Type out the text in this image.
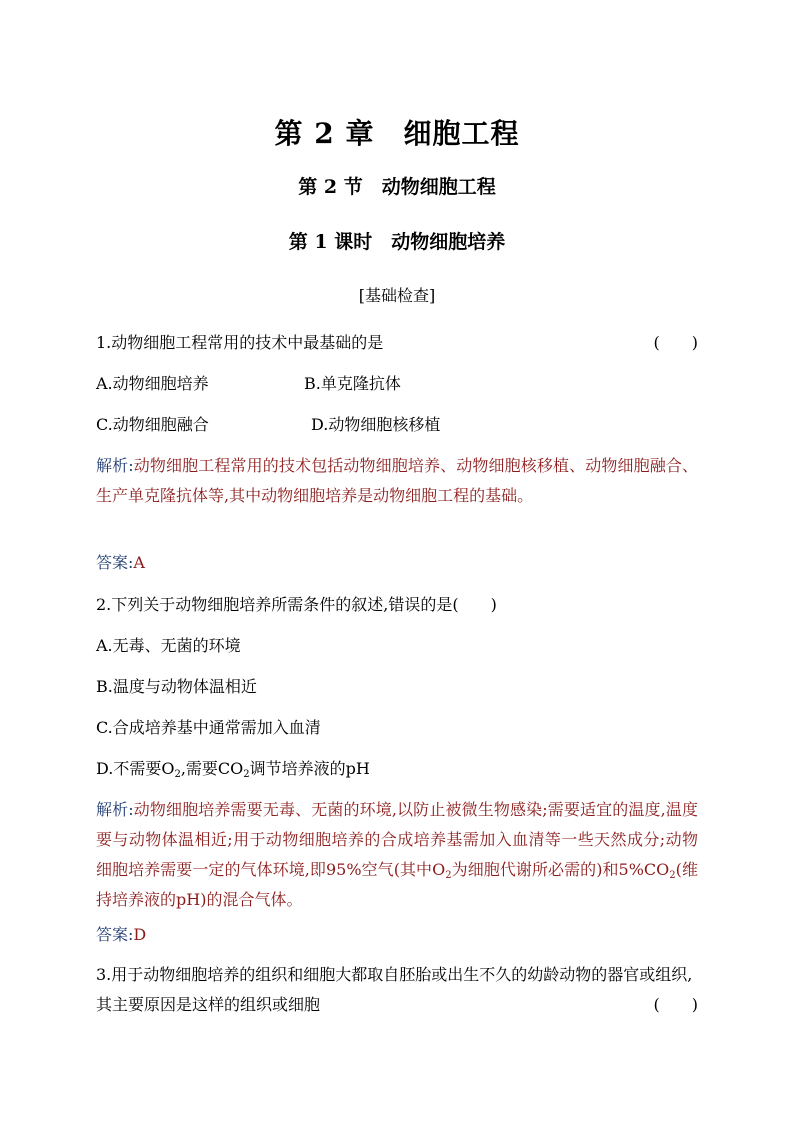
第 2 章　细胞工程
第 2 节　动物细胞工程
第 1 课时　动物细胞培养
[基础检查]
1.动物细胞工程常用的技术中最基础的是	(　　)
A.动物细胞培养	B.单克隆抗体
C.动物细胞融合	D.动物细胞核移植
解析:动物细胞工程常用的技术包括动物细胞培养、动物细胞核移植、动物细胞融合、生产单克隆抗体等,其中动物细胞培养是动物细胞工程的基础。
答案:A
2.下列关于动物细胞培养所需条件的叙述,错误的是(　　)
A.无毒、无菌的环境
B.温度与动物体温相近
C.合成培养基中通常需加入血清
D.不需要$O_2$,需要$CO_2$调节培养液的pH
解析:动物细胞培养需要无毒、无菌的环境,以防止被微生物感染;需要适宜的温度,温度要与动物体温相近;用于动物细胞培养的合成培养基需加入血清等一些天然成分;动物细胞培养需要一定的气体环境,即95%空气(其中$O_2$为细胞代谢所必需的)和$5\%CO_2$(维持培养液的pH)的混合气体。
答案:D
3.用于动物细胞培养的组织和细胞大都取自胚胎或出生不久的幼龄动物的器官或组织,其主要原因是这样的组织或细胞	(　　)
